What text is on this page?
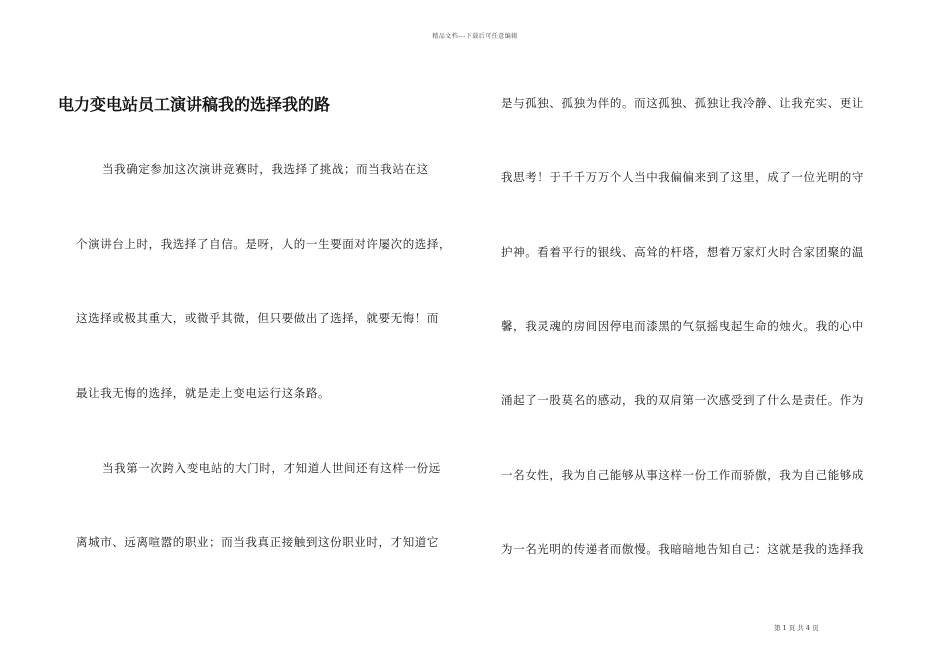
精品文档---下载后可任意编辑
电力变电站员工演讲稿我的选择我的路
当我确定参加这次演讲竞赛时，我选择了挑战；而当我站在这
个演讲台上时，我选择了自信。是呀，人的一生要面对许屡次的选择，
这选择或极其重大，或微乎其微，但只要做出了选择，就要无悔！而
最让我无悔的选择，就是走上变电运行这条路。
当我第一次跨入变电站的大门时，才知道人世间还有这样一份远
离城市、远离喧嚣的职业；而当我真正接触到这份职业时，才知道它
是与孤独、孤独为伴的。而这孤独、孤独让我冷静、让我充实、更让
我思考！于千千万万个人当中我偏偏来到了这里，成了一位光明的守
护神。看着平行的银线、高耸的杆塔，想着万家灯火时合家团聚的温
馨，我灵魂的房间因停电而漆黑的气氛摇曳起生命的烛火。我的心中
涌起了一股莫名的感动，我的双肩第一次感受到了什么是责任。作为
一名女性，我为自己能够从事这样一份工作而骄傲，我为自己能够成
为一名光明的传递者而傲慢。我暗暗地告知自己：这就是我的选择我
第 1 页 共 4 页
